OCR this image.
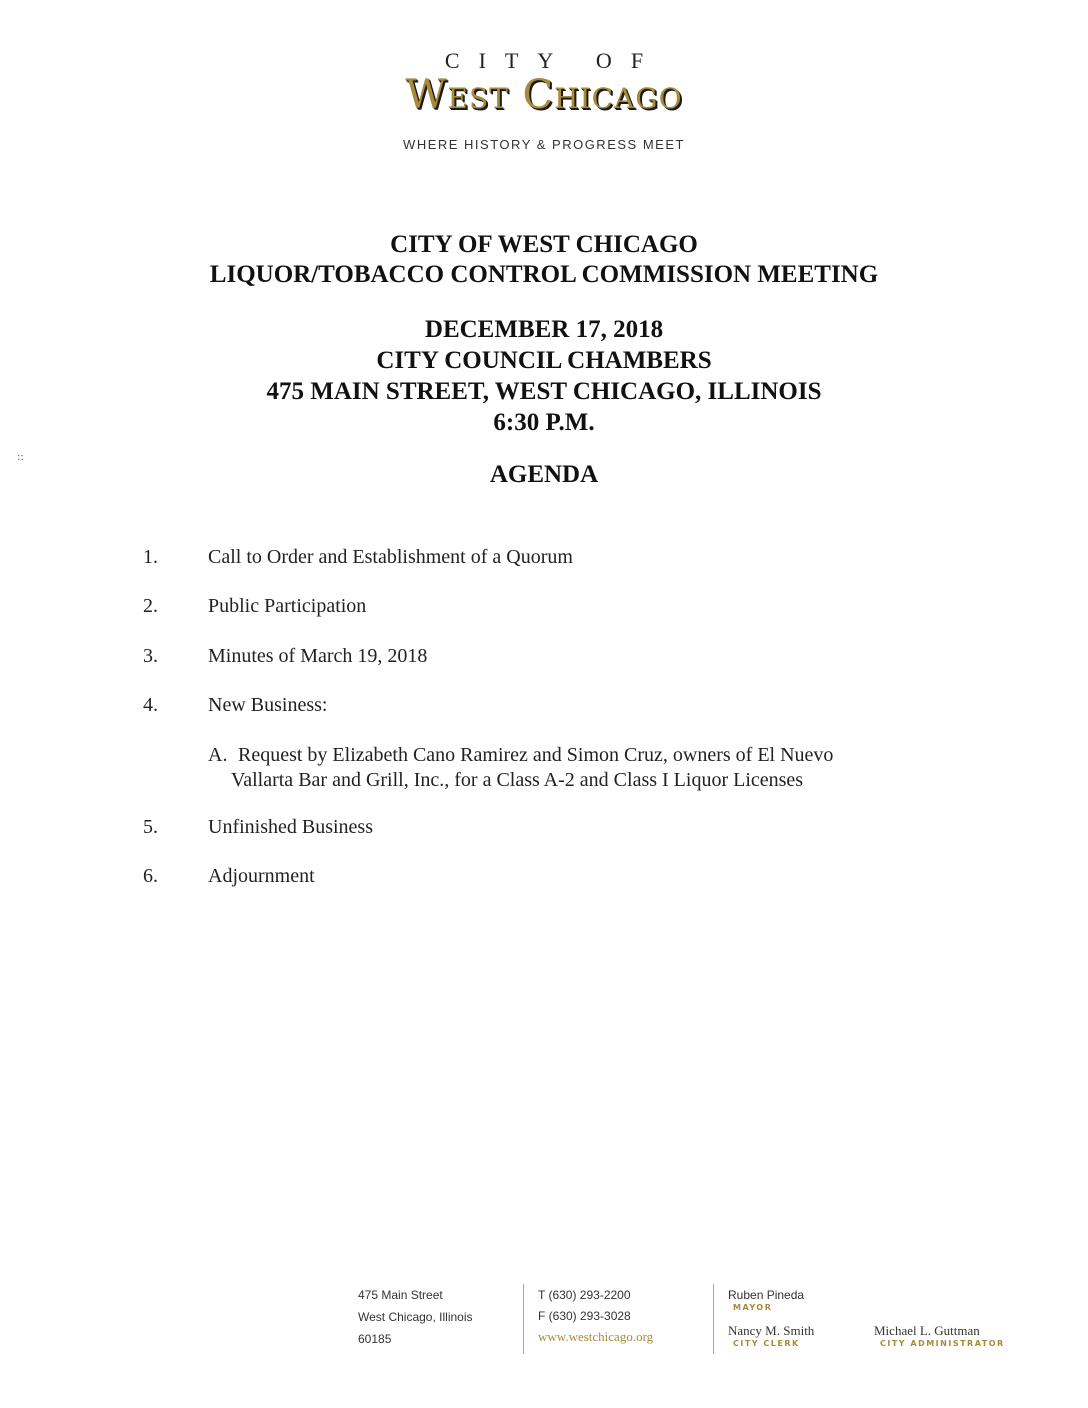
CITY OF
West Chicago
WHERE HISTORY & PROGRESS MEET
::
CITY OF WEST CHICAGO
LIQUOR/TOBACCO CONTROL COMMISSION MEETING
DECEMBER 17, 2018
CITY COUNCIL CHAMBERS
475 MAIN STREET, WEST CHICAGO, ILLINOIS
6:30 P.M.
AGENDA
1.	Call to Order and Establishment of a Quorum
2.	Public Participation
3.	Minutes of March 19, 2018
4.	New Business:
A. Request by Elizabeth Cano Ramirez and Simon Cruz, owners of El Nuevo
Vallarta Bar and Grill, Inc., for a Class A-2 and Class I Liquor Licenses
5.	Unfinished Business
6.	Adjournment
475 Main Street
West Chicago, Illinois
60185
T (630) 293-2200
F (630) 293-3028
www.westchicago.org
Ruben Pineda
MAYOR
Nancy M. Smith
CITY CLERK
Michael L. Guttman
CITY ADMINISTRATOR
